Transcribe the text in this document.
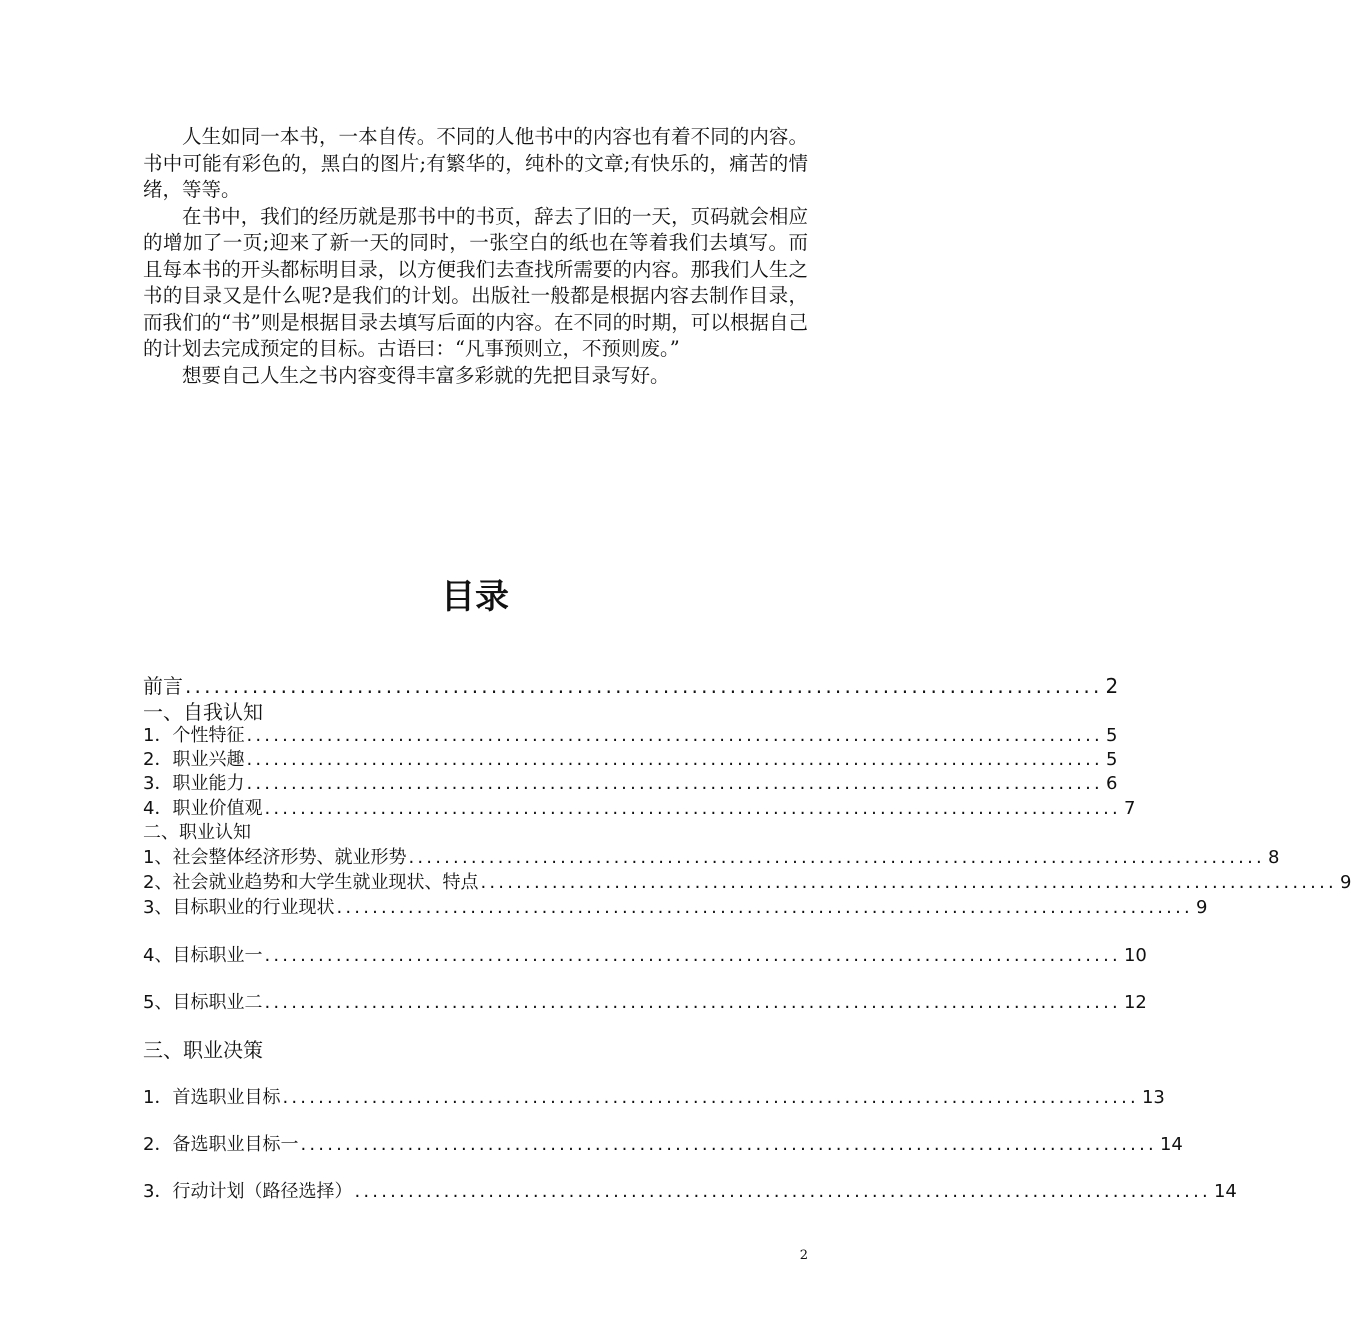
人生如同一本书，一本自传。不同的人他书中的内容也有着不同的内容。书中可能有彩色的，黑白的图片;有繁华的，纯朴的文章;有快乐的，痛苦的情绪，等等。

在书中，我们的经历就是那书中的书页，辞去了旧的一天，页码就会相应的增加了一页;迎来了新一天的同时，一张空白的纸也在等着我们去填写。而且每本书的开头都标明目录，以方便我们去查找所需要的内容。那我们人生之书的目录又是什么呢?是我们的计划。出版社一般都是根据内容去制作目录，而我们的“书”则是根据目录去填写后面的内容。在不同的时期，可以根据自己的计划去完成预定的目标。古语曰：“凡事预则立，不预则废。”

想要自己人生之书内容变得丰富多彩就的先把目录写好。

目录
前言 ................................................................................................ 2
一、自我认知
1．个性特征 ................................................................................................ 5
2．职业兴趣 ................................................................................................ 5
3．职业能力 ................................................................................................ 6
4．职业价值观 ................................................................................................ 7
二、职业认知
1、社会整体经济形势、就业形势 ................................................................................................ 8
2、社会就业趋势和大学生就业现状、特点 ................................................................................................ 9
3、目标职业的行业现状 ................................................................................................ 9
4、目标职业一 ................................................................................................ 10
5、目标职业二 ................................................................................................ 12
三、职业决策
1．首选职业目标 ................................................................................................ 13
2．备选职业目标一 ................................................................................................ 14
3．行动计划（路径选择） ................................................................................................ 14
2
